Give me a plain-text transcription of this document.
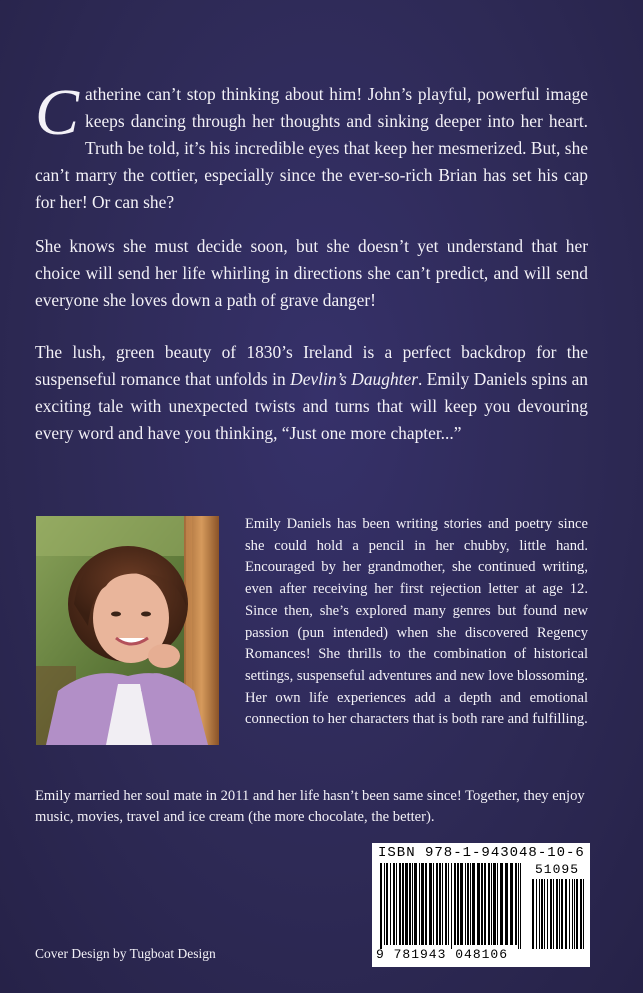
Catherine can’t stop thinking about him! John’s playful, powerful image keeps dancing through her thoughts and sinking deeper into her heart. Truth be told, it’s his incredible eyes that keep her mesmerized. But, she can’t marry the cottier, especially since the ever-so-rich Brian has set his cap for her! Or can she?

She knows she must decide soon, but she doesn’t yet understand that her choice will send her life whirling in directions she can’t predict, and will send everyone she loves down a path of grave danger!

The lush, green beauty of 1830’s Ireland is a perfect backdrop for the suspenseful romance that unfolds in Devlin’s Daughter. Emily Daniels spins an exciting tale with unexpected twists and turns that will keep you devouring every word and have you thinking, “Just one more chapter...”

Emily Daniels has been writing stories and poetry since she could hold a pencil in her chubby, little hand. Encouraged by her grandmother, she continued writing, even after receiving her first rejection letter at age 12. Since then, she’s explored many genres but found new passion (pun intended) when she discovered Regency Romances! She thrills to the combination of historical settings, suspenseful adventures and new love blossoming. Her own life experiences add a depth and emotional connection to her characters that is both rare and fulfilling.

Emily married her soul mate in 2011 and her life hasn’t been same since! Together, they enjoy music, movies, travel and ice cream (the more chocolate, the better).

ISBN 978-1-943048-10-6
51095
9 781943 048106

Cover Design by Tugboat Design
